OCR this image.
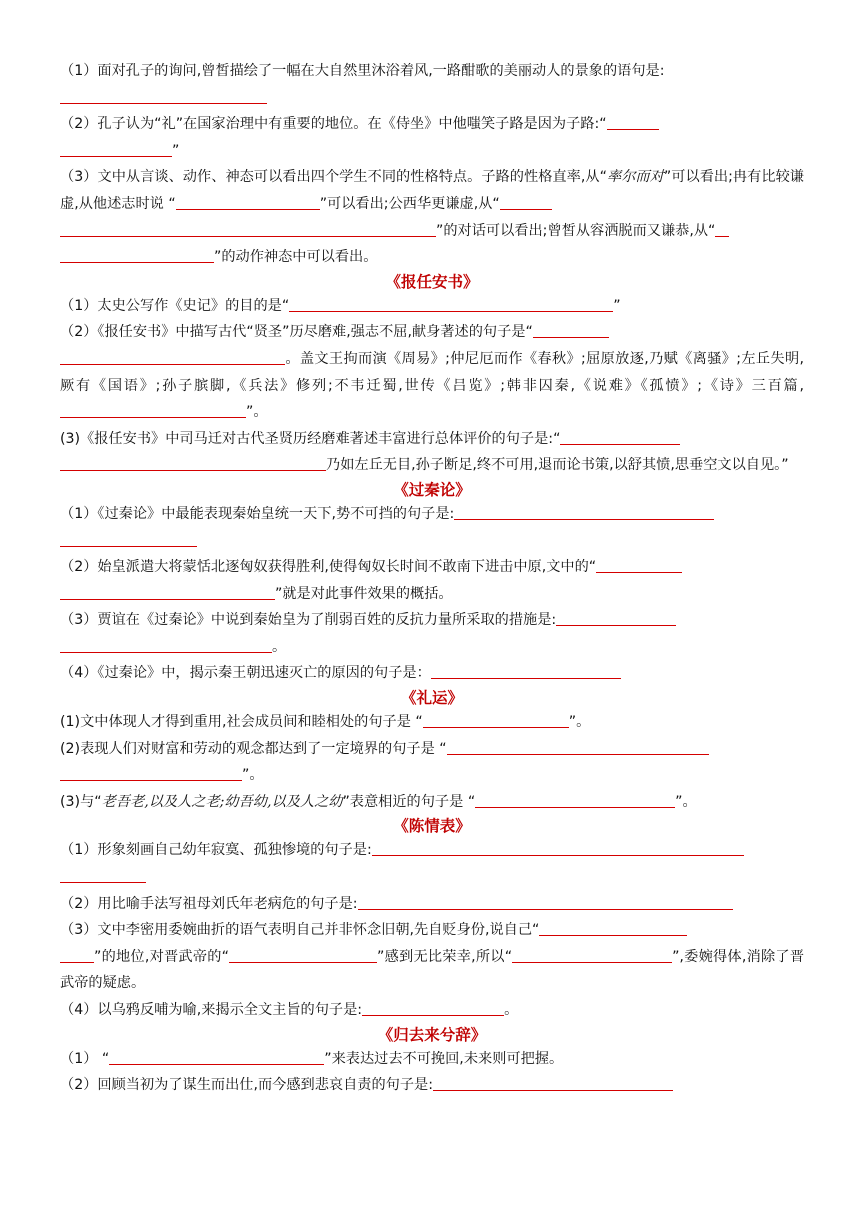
（1）面对孔子的询问,曾皙描绘了一幅在大自然里沐浴着风,一路酣歌的美丽动人的景象的语句是:

（2）孔子认为“礼”在国家治理中有重要的地位。在《侍坐》中他嗤笑子路是因为子路:“
”
（3）文中从言谈、动作、神态可以看出四个学生不同的性格特点。子路的性格直率,从“率尔而对”可以看出;冉有比较谦虚,从他述志时说 “	”可以看出;公西华更谦虚,从“
”的对话可以看出;曾皙从容洒脱而又谦恭,从“
”的动作神态中可以看出。
《报任安书》
（1）太史公写作《史记》的目的是“	”
（2）《报任安书》中描写古代“贤圣”历尽磨难,强志不屈,献身著述的句子是“
。盖文王拘而演《周易》;仲尼厄而作《春秋》;屈原放逐,乃赋《离骚》;左丘失明,厥有《国语》;孙子膑脚,《兵法》修列;不韦迁蜀,世传《吕览》;韩非囚秦,《说难》《孤愤》;《诗》三百篇,”。
(3)《报任安书》中司马迁对古代圣贤历经磨难著述丰富进行总体评价的句子是:“
乃如左丘无目,孙子断足,终不可用,退而论书策,以舒其愤,思垂空文以自见。”
《过秦论》
（1）《过秦论》中最能表现秦始皇统一天下,势不可挡的句子是:

（2）始皇派遣大将蒙恬北逐匈奴获得胜利,使得匈奴长时间不敢南下进击中原,文中的“
”就是对此事件效果的概括。
（3）贾谊在《过秦论》中说到秦始皇为了削弱百姓的反抗力量所采取的措施是:
。
（4）《过秦论》中，揭示秦王朝迅速灭亡的原因的句子是：
《礼运》
(1)文中体现人才得到重用,社会成员间和睦相处的句子是 “	”。
(2)表现人们对财富和劳动的观念都达到了一定境界的句子是 “
”。
(3)与“老吾老,以及人之老;幼吾幼,以及人之幼”表意相近的句子是 “	”。
《陈情表》
（1）形象刻画自己幼年寂寞、孤独惨境的句子是:

（2）用比喻手法写祖母刘氏年老病危的句子是:
（3）文中李密用委婉曲折的语气表明自己并非怀念旧朝,先自贬身份,说自己“
”的地位,对晋武帝的“	”感到无比荣幸,所以“	”,委婉得体,消除了晋武帝的疑虑。
（4）以乌鸦反哺为喻,来揭示全文主旨的句子是:	。
《归去来兮辞》
（1） “	”来表达过去不可挽回,未来则可把握。
（2）回顾当初为了谋生而出仕,而今感到悲哀自责的句子是:
